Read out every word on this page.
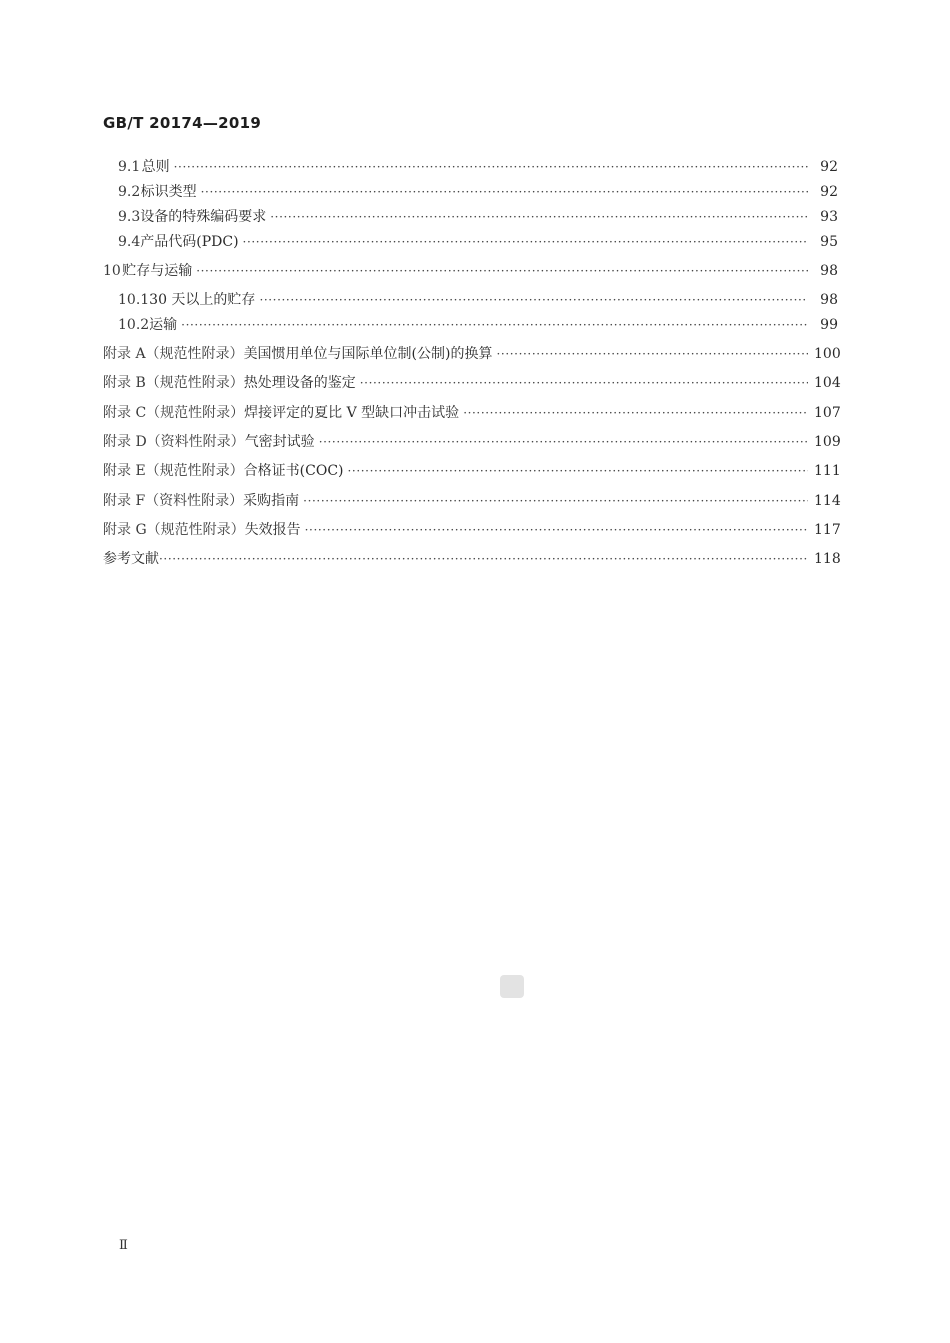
GB/T 20174—2019
9.1 总则 ·····	92
9.2 标识类型 ·····	92
9.3 设备的特殊编码要求 ·····	93
9.4 产品代码(PDC) ·····	95
10 贮存与运输 ·····	98
10.1 30 天以上的贮存 ·····	98
10.2 运输 ·····	99
附录 A（规范性附录） 美国惯用单位与国际单位制(公制)的换算 ·····	100
附录 B（规范性附录） 热处理设备的鉴定 ·····	104
附录 C（规范性附录） 焊接评定的夏比 V 型缺口冲击试验 ·····	107
附录 D（资料性附录） 气密封试验 ·····	109
附录 E（规范性附录） 合格证书(COC) ·····	111
附录 F（资料性附录） 采购指南 ·····	114
附录 G（规范性附录） 失效报告 ·····	117
参考文献 ·····	118
Ⅱ
